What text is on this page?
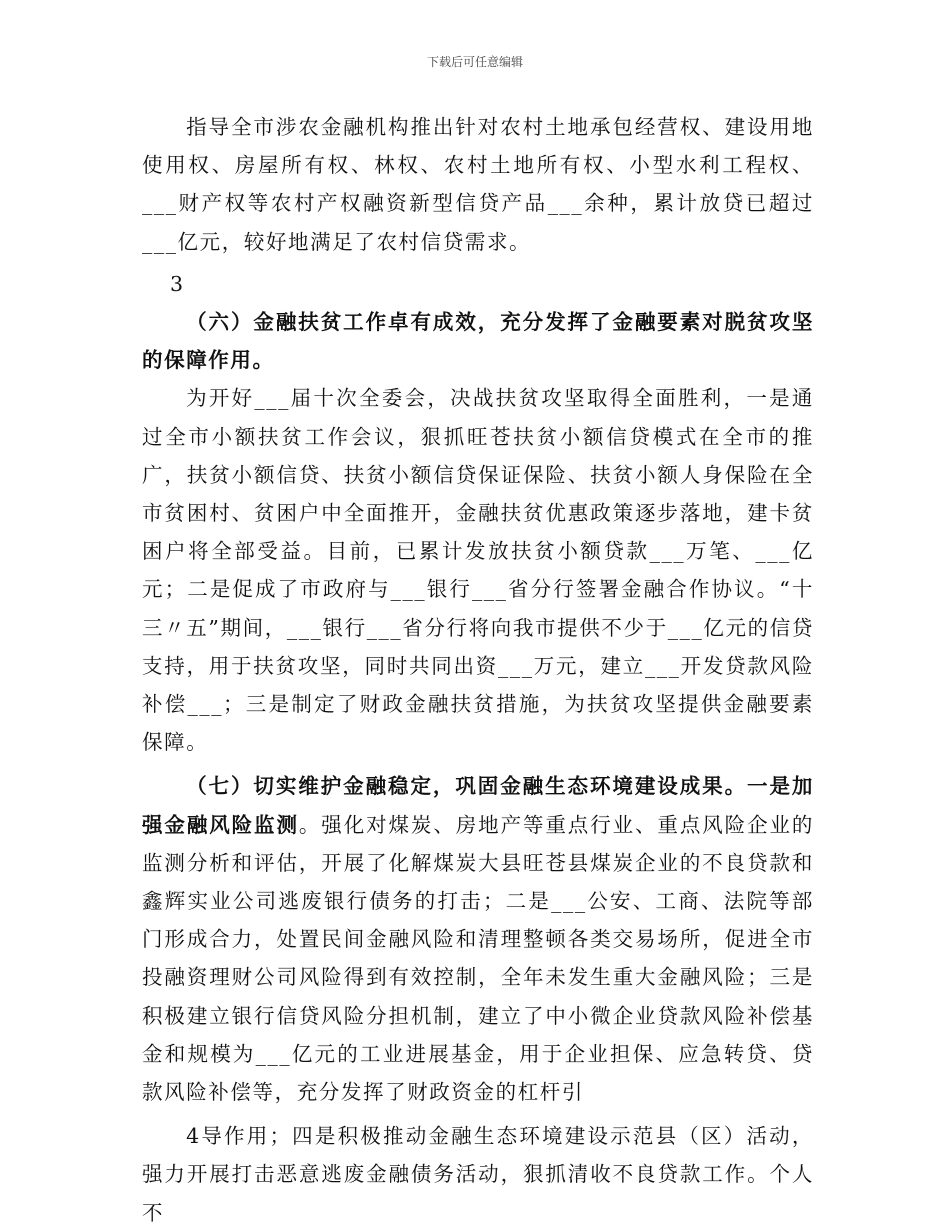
下载后可任意编辑

指导全市涉农金融机构推出针对农村土地承包经营权、建设用地使用权、房屋所有权、林权、农村土地所有权、小型水利工程权、___财产权等农村产权融资新型信贷产品___余种，累计放贷已超过___亿元，较好地满足了农村信贷需求。

3

（六）金融扶贫工作卓有成效，充分发挥了金融要素对脱贫攻坚的保障作用。

为开好___届十次全委会，决战扶贫攻坚取得全面胜利，一是通过全市小额扶贫工作会议，狠抓旺苍扶贫小额信贷模式在全市的推广，扶贫小额信贷、扶贫小额信贷保证保险、扶贫小额人身保险在全市贫困村、贫困户中全面推开，金融扶贫优惠政策逐步落地，建卡贫困户将全部受益。目前，已累计发放扶贫小额贷款___万笔、___亿元；二是促成了市政府与___银行___省分行签署金融合作协议。“十三〃五”期间，___银行___省分行将向我市提供不少于___亿元的信贷支持，用于扶贫攻坚，同时共同出资___万元，建立___开发贷款风险补偿___；三是制定了财政金融扶贫措施，为扶贫攻坚提供金融要素保障。

（七）切实维护金融稳定，巩固金融生态环境建设成果。一是加强金融风险监测。强化对煤炭、房地产等重点行业、重点风险企业的监测分析和评估，开展了化解煤炭大县旺苍县煤炭企业的不良贷款和鑫辉实业公司逃废银行债务的打击；二是___公安、工商、法院等部门形成合力，处置民间金融风险和清理整顿各类交易场所，促进全市投融资理财公司风险得到有效控制，全年未发生重大金融风险；三是积极建立银行信贷风险分担机制，建立了中小微企业贷款风险补偿基金和规模为___亿元的工业进展基金，用于企业担保、应急转贷、贷款风险补偿等，充分发挥了财政资金的杠杆引

4导作用；四是积极推动金融生态环境建设示范县（区）活动，强力开展打击恶意逃废金融债务活动，狠抓清收不良贷款工作。个人不
